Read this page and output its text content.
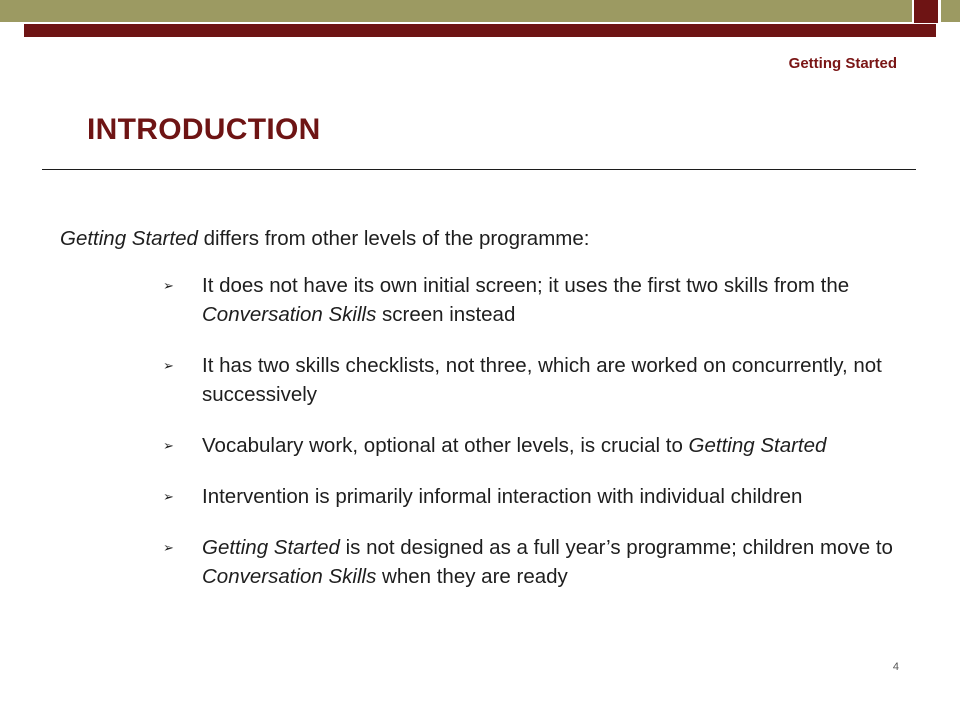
Getting Started
INTRODUCTION

Getting Started differs from other levels of the programme:

➢ It does not have its own initial screen; it uses the first two skills from the Conversation Skills screen instead
➢ It has two skills checklists, not three, which are worked on concurrently, not successively
➢ Vocabulary work, optional at other levels, is crucial to Getting Started
➢ Intervention is primarily informal interaction with individual children
➢ Getting Started is not designed as a full year’s programme; children move to Conversation Skills when they are ready
4
